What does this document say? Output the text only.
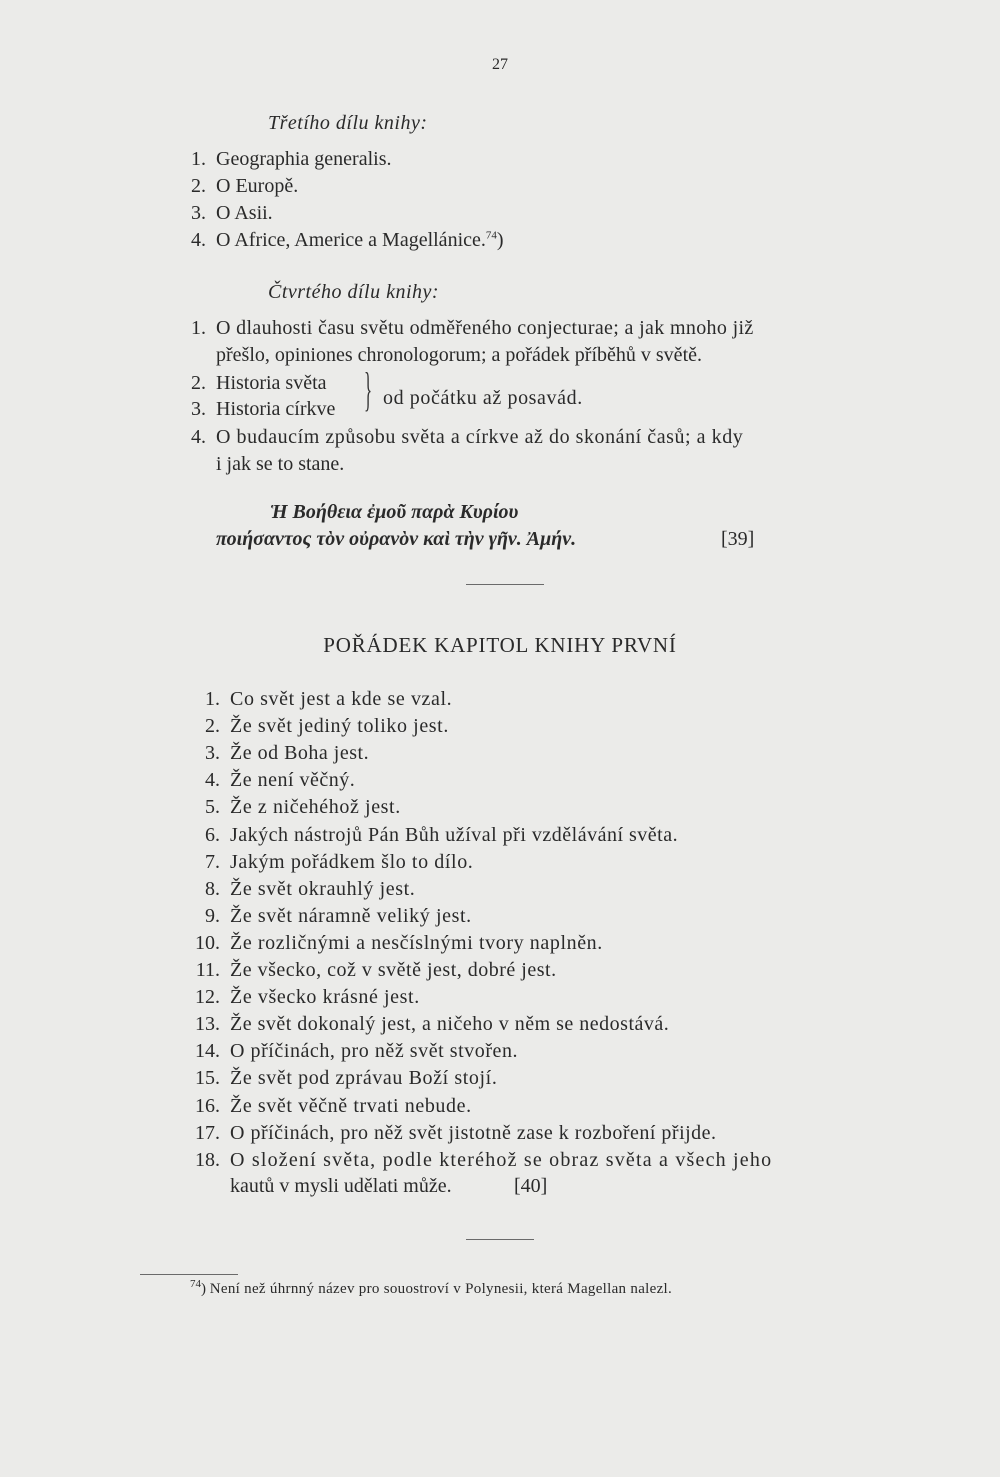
27
Třetího dílu knihy:
1. Geographia generalis.
2. O Europě.
3. O Asii.
4. O Africe, Americe a Magellánice.$^{74}$)
Čtvrtého dílu knihy:
1. O dlauhosti času světu odměřeného conjecturae; a jak mnoho již
přešlo, opiniones chronologorum; a pořádek příběhů v světě.
2. Historia světa
3. Historia církve } od počátku až posavád.
4. O budaucím způsobu světa a církve až do skonání časů; a kdy
i jak se to stane.
Ἡ Βοήθεια ἐμοῦ παρὰ Κυρίου
ποιήσαντος τὸν οὐρανὸν καὶ τὴν γῆν. Ἀμήν.	[39]
POŘÁDEK KAPITOL KNIHY PRVNÍ
1. Co svět jest a kde se vzal.
2. Že svět jediný toliko jest.
3. Že od Boha jest.
4. Že není věčný.
5. Že z ničehéhož jest.
6. Jakých nástrojů Pán Bůh užíval při vzdělávání světa.
7. Jakým pořádkem šlo to dílo.
8. Že svět okrauhlý jest.
9. Že svět náramně veliký jest.
10. Že rozličnými a nesčíslnými tvory naplněn.
11. Že všecko, což v světě jest, dobré jest.
12. Že všecko krásné jest.
13. Že svět dokonalý jest, a ničeho v něm se nedostává.
14. O příčinách, pro něž svět stvořen.
15. Že svět pod zprávau Boží stojí.
16. Že svět věčně trvati nebude.
17. O příčinách, pro něž svět jistotně zase k rozboření přijde.
18. O složení světa, podle kteréhož se obraz světa a všech jeho
kautů v mysli udělati může.	[40]
$^{74}$) Není než úhrnný název pro souostroví v Polynesii, která Magellan nalezl.
